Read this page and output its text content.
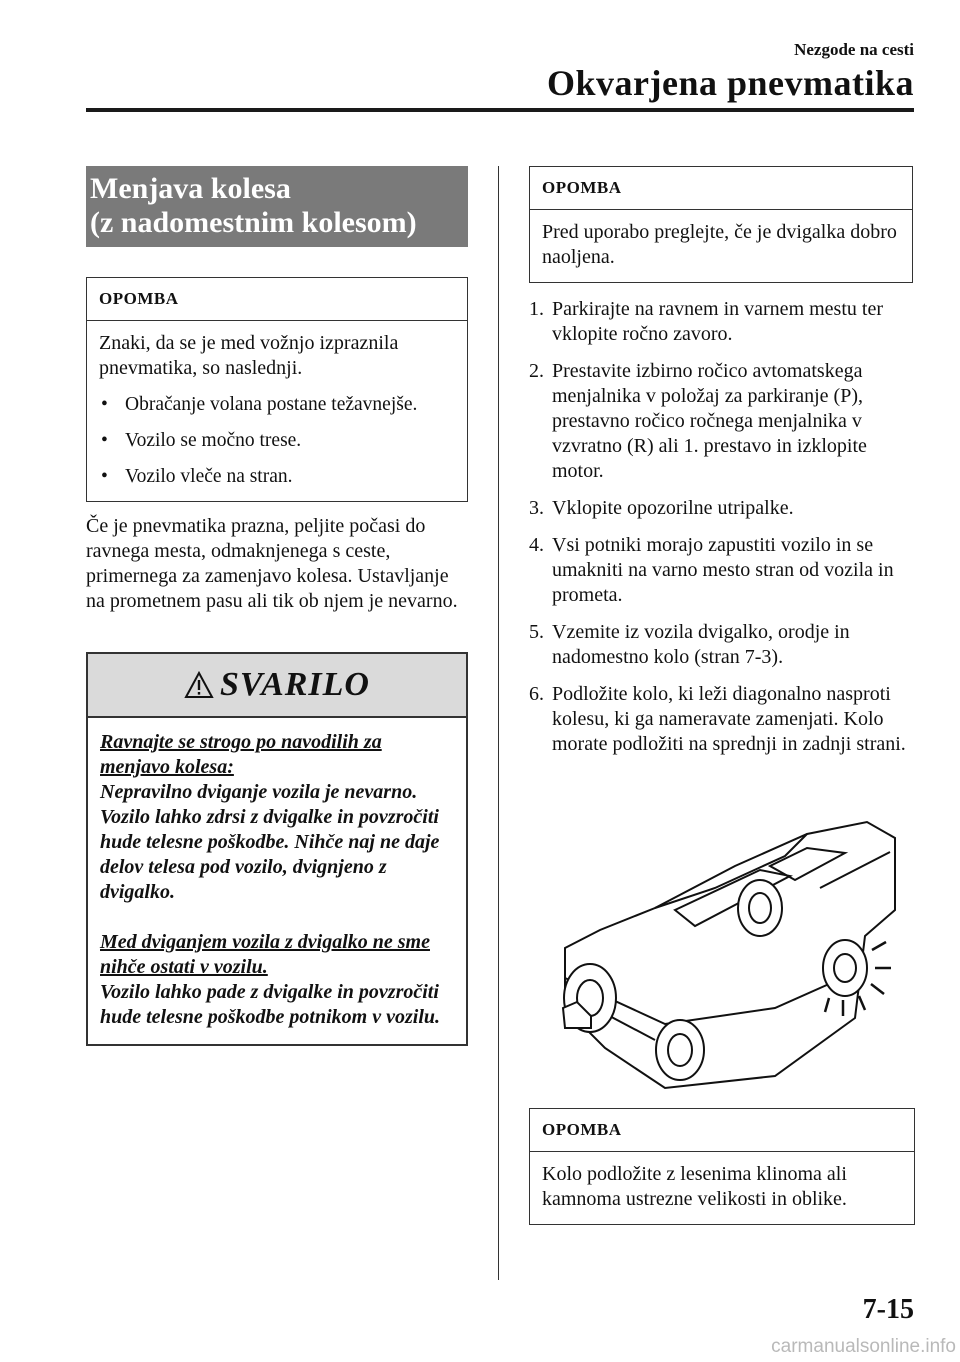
Nezgode na cesti
Okvarjena pnevmatika
Menjava kolesa
(z nadomestnim kolesom)
OPOMBA

Znaki, da se je med vožnjo izpraznila pnevmatika, so naslednji.

• Obračanje volana postane težavnejše.
• Vozilo se močno trese.
• Vozilo vleče na stran.

Če je pnevmatika prazna, peljite počasi do ravnega mesta, odmaknjenega s ceste, primernega za zamenjavo kolesa. Ustavljanje na prometnem pasu ali tik ob njem je nevarno.

SVARILO

Ravnajte se strogo po navodilih za menjavo kolesa:

Nepravilno dviganje vozila je nevarno. Vozilo lahko zdrsi z dvigalke in povzročiti hude telesne poškodbe. Nihče naj ne daje delov telesa pod vozilo, dvignjeno z dvigalko.

Med dviganjem vozila z dvigalko ne sme nihče ostati v vozilu.

Vozilo lahko pade z dvigalke in povzročiti hude telesne poškodbe potnikom v vozilu.

OPOMBA

Pred uporabo preglejte, če je dvigalka dobro naoljena.

1. Parkirajte na ravnem in varnem mestu ter vklopite ročno zavoro.
2. Prestavite izbirno ročico avtomatskega menjalnika v položaj za parkiranje (P), prestavno ročico ročnega menjalnika v vzvratno (R) ali 1. prestavo in izklopite motor.
3. Vklopite opozorilne utripalke.
4. Vsi potniki morajo zapustiti vozilo in se umakniti na varno mesto stran od vozila in prometa.
5. Vzemite iz vozila dvigalko, orodje in nadomestno kolo (stran 7-3).
6. Podložite kolo, ki leži diagonalno nasproti kolesu, ki ga nameravate zamenjati. Kolo morate podložiti na sprednji in zadnji strani.
OPOMBA

Kolo podložite z lesenima klinoma ali kamnoma ustrezne velikosti in oblike.

7-15
carmanualsonline.info
